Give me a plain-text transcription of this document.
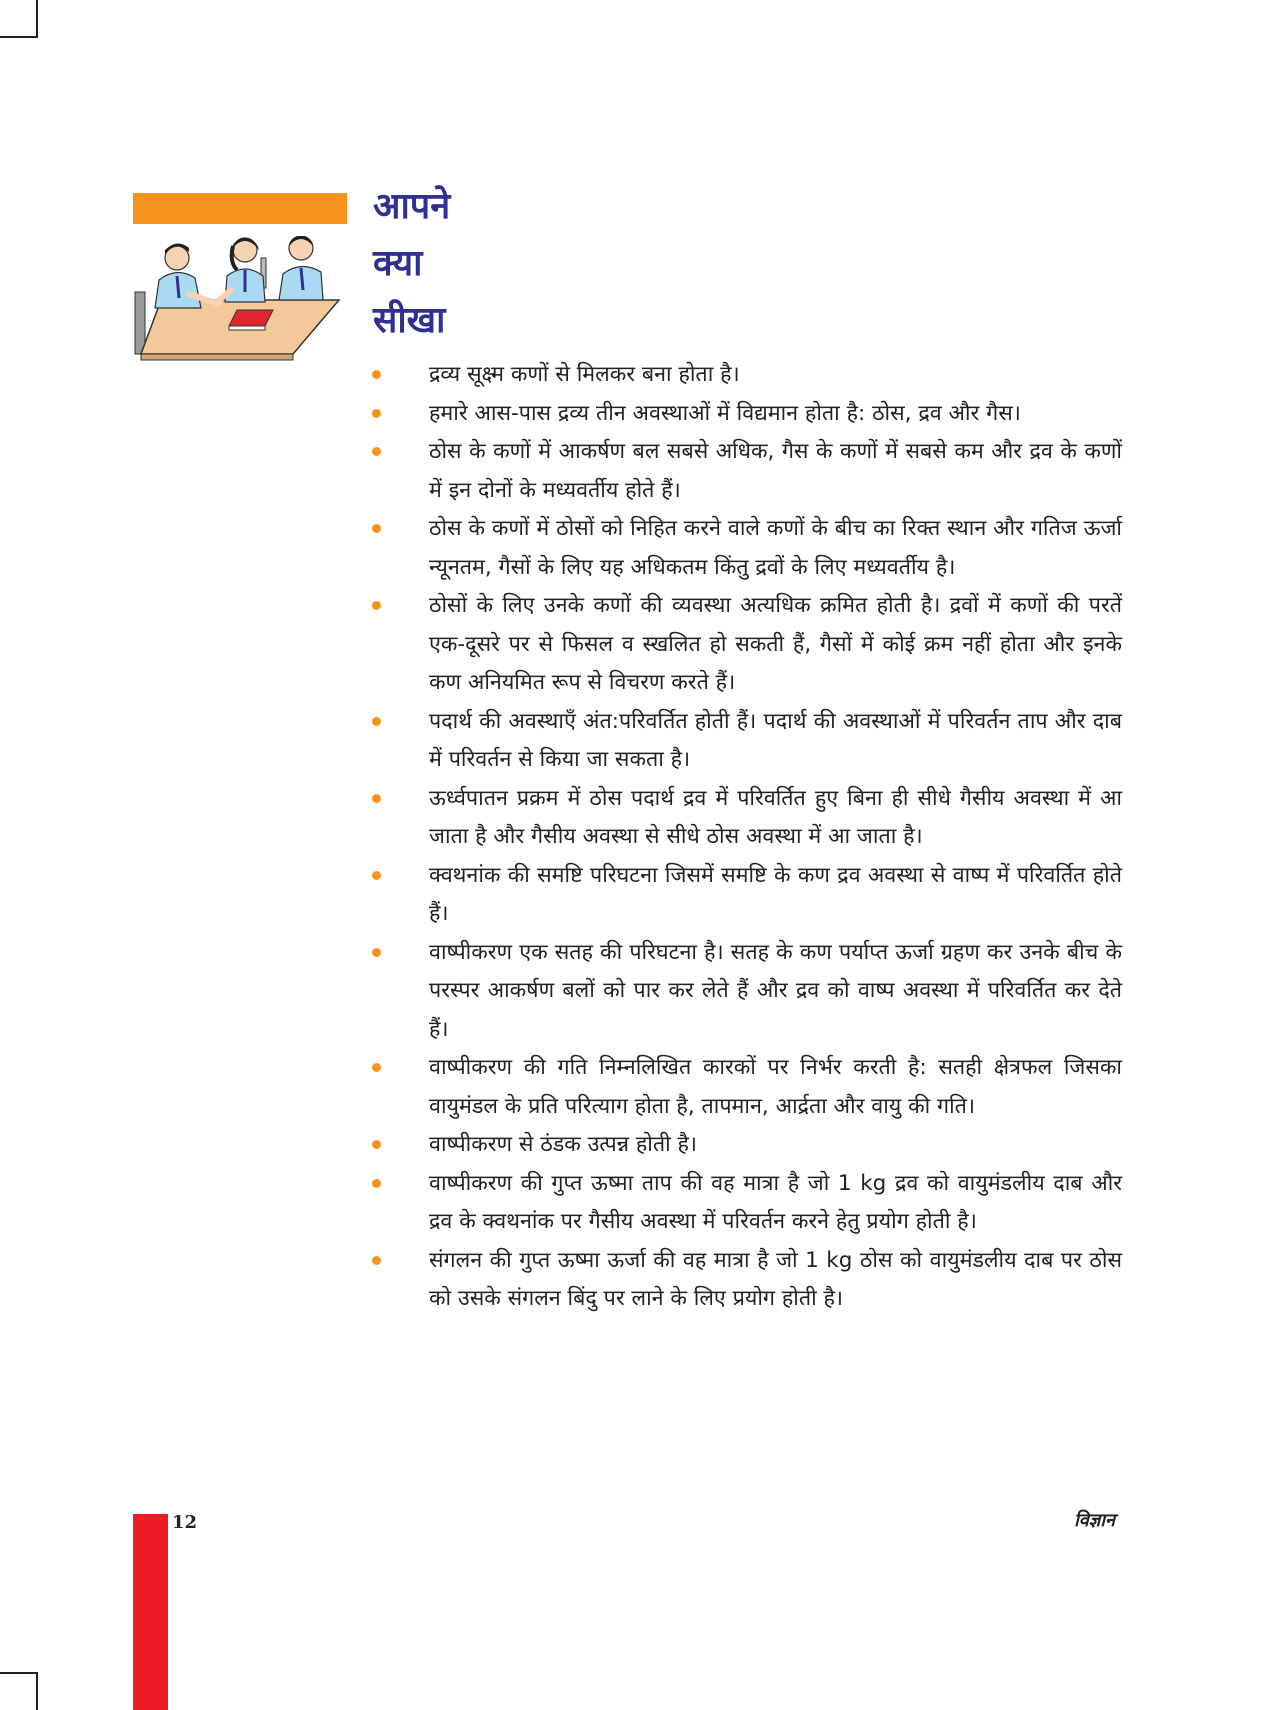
आपने
क्या
सीखा
द्रव्य सूक्ष्म कणों से मिलकर बना होता है।
हमारे आस-पास द्रव्य तीन अवस्थाओं में विद्यमान होता है: ठोस, द्रव और गैस।
ठोस के कणों में आकर्षण बल सबसे अधिक, गैस के कणों में सबसे कम और द्रव के कणों में इन दोनों के मध्यवर्तीय होते हैं।
ठोस के कणों में ठोसों को निहित करने वाले कणों के बीच का रिक्त स्थान और गतिज ऊर्जा न्यूनतम, गैसों के लिए यह अधिकतम किंतु द्रवों के लिए मध्यवर्तीय है।
ठोसों के लिए उनके कणों की व्यवस्था अत्यधिक क्रमित होती है। द्रवों में कणों की परतें एक-दूसरे पर से फिसल व स्खलित हो सकती हैं, गैसों में कोई क्रम नहीं होता और इनके कण अनियमित रूप से विचरण करते हैं।
पदार्थ की अवस्थाएँ अंत:परिवर्तित होती हैं। पदार्थ की अवस्थाओं में परिवर्तन ताप और दाब में परिवर्तन से किया जा सकता है।
ऊर्ध्वपातन प्रक्रम में ठोस पदार्थ द्रव में परिवर्तित हुए बिना ही सीधे गैसीय अवस्था में आ जाता है और गैसीय अवस्था से सीधे ठोस अवस्था में आ जाता है।
क्वथनांक की समष्टि परिघटना जिसमें समष्टि के कण द्रव अवस्था से वाष्प में परिवर्तित होते हैं।
वाष्पीकरण एक सतह की परिघटना है। सतह के कण पर्याप्त ऊर्जा ग्रहण कर उनके बीच के परस्पर आकर्षण बलों को पार कर लेते हैं और द्रव को वाष्प अवस्था में परिवर्तित कर देते हैं।
वाष्पीकरण की गति निम्नलिखित कारकों पर निर्भर करती है: सतही क्षेत्रफल जिसका वायुमंडल के प्रति परित्याग होता है, तापमान, आर्द्रता और वायु की गति।
वाष्पीकरण से ठंडक उत्पन्न होती है।
वाष्पीकरण की गुप्त ऊष्मा ताप की वह मात्रा है जो 1 kg द्रव को वायुमंडलीय दाब और द्रव के क्वथनांक पर गैसीय अवस्था में परिवर्तन करने हेतु प्रयोग होती है।
संगलन की गुप्त ऊष्मा ऊर्जा की वह मात्रा है जो 1 kg ठोस को वायुमंडलीय दाब पर ठोस को उसके संगलन बिंदु पर लाने के लिए प्रयोग होती है।
12	विज्ञान
